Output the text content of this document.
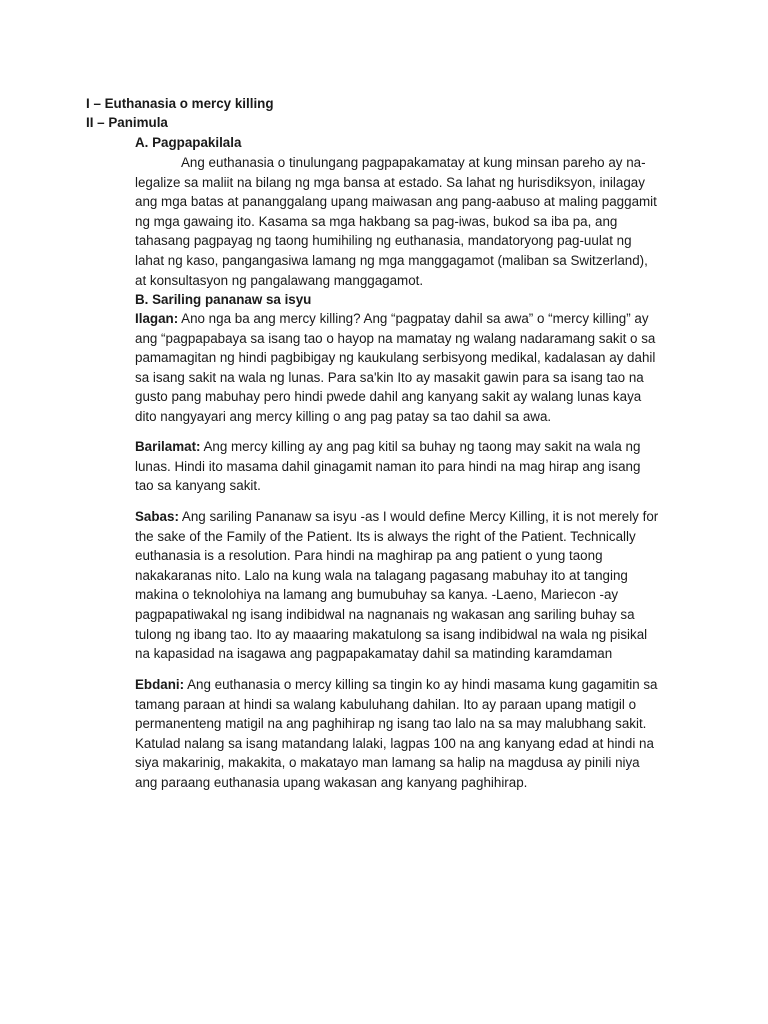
I – Euthanasia o mercy killing
II – Panimula
A. Pagpapakilala

Ang euthanasia o tinulungang pagpapakamatay at kung minsan pareho ay na-

legalize sa maliit na bilang ng mga bansa at estado. Sa lahat ng hurisdiksyon, inilagay

ang mga batas at pananggalang upang maiwasan ang pang-aabuso at maling paggamit

ng mga gawaing ito. Kasama sa mga hakbang sa pag-iwas, bukod sa iba pa, ang

tahasang pagpayag ng taong humihiling ng euthanasia, mandatoryong pag-uulat ng

lahat ng kaso, pangangasiwa lamang ng mga manggagamot (maliban sa Switzerland),

at konsultasyon ng pangalawang manggagamot.

B. Sariling pananaw sa isyu

Ilagan: Ano nga ba ang mercy killing? Ang “pagpatay dahil sa awa” o “mercy killing” ay

ang “pagpapabaya sa isang tao o hayop na mamatay ng walang nadaramang sakit o sa

pamamagitan ng hindi pagbibigay ng kaukulang serbisyong medikal, kadalasan ay dahil

sa isang sakit na wala ng lunas. Para sa'kin Ito ay masakit gawin para sa isang tao na

gusto pang mabuhay pero hindi pwede dahil ang kanyang sakit ay walang lunas kaya

dito nangyayari ang mercy killing o ang pag patay sa tao dahil sa awa.

Barilamat: Ang mercy killing ay ang pag kitil sa buhay ng taong may sakit na wala ng

lunas. Hindi ito masama dahil ginagamit naman ito para hindi na mag hirap ang isang

tao sa kanyang sakit.

Sabas: Ang sariling Pananaw sa isyu -as I would define Mercy Killing, it is not merely for

the sake of the Family of the Patient. Its is always the right of the Patient. Technically

euthanasia is a resolution. Para hindi na maghirap pa ang patient o yung taong

nakakaranas nito. Lalo na kung wala na talagang pagasang mabuhay ito at tanging

makina o teknolohiya na lamang ang bumubuhay sa kanya. -Laeno, Mariecon -ay

pagpapatiwakal ng isang indibidwal na nagnanais ng wakasan ang sariling buhay sa

tulong ng ibang tao. Ito ay maaaring makatulong sa isang indibidwal na wala ng pisikal

na kapasidad na isagawa ang pagpapakamatay dahil sa matinding karamdaman

Ebdani: Ang euthanasia o mercy killing sa tingin ko ay hindi masama kung gagamitin sa

tamang paraan at hindi sa walang kabuluhang dahilan. Ito ay paraan upang matigil o

permanenteng matigil na ang paghihirap ng isang tao lalo na sa may malubhang sakit.

Katulad nalang sa isang matandang lalaki, lagpas 100 na ang kanyang edad at hindi na

siya makarinig, makakita, o makatayo man lamang sa halip na magdusa ay pinili niya

ang paraang euthanasia upang wakasan ang kanyang paghihirap.
